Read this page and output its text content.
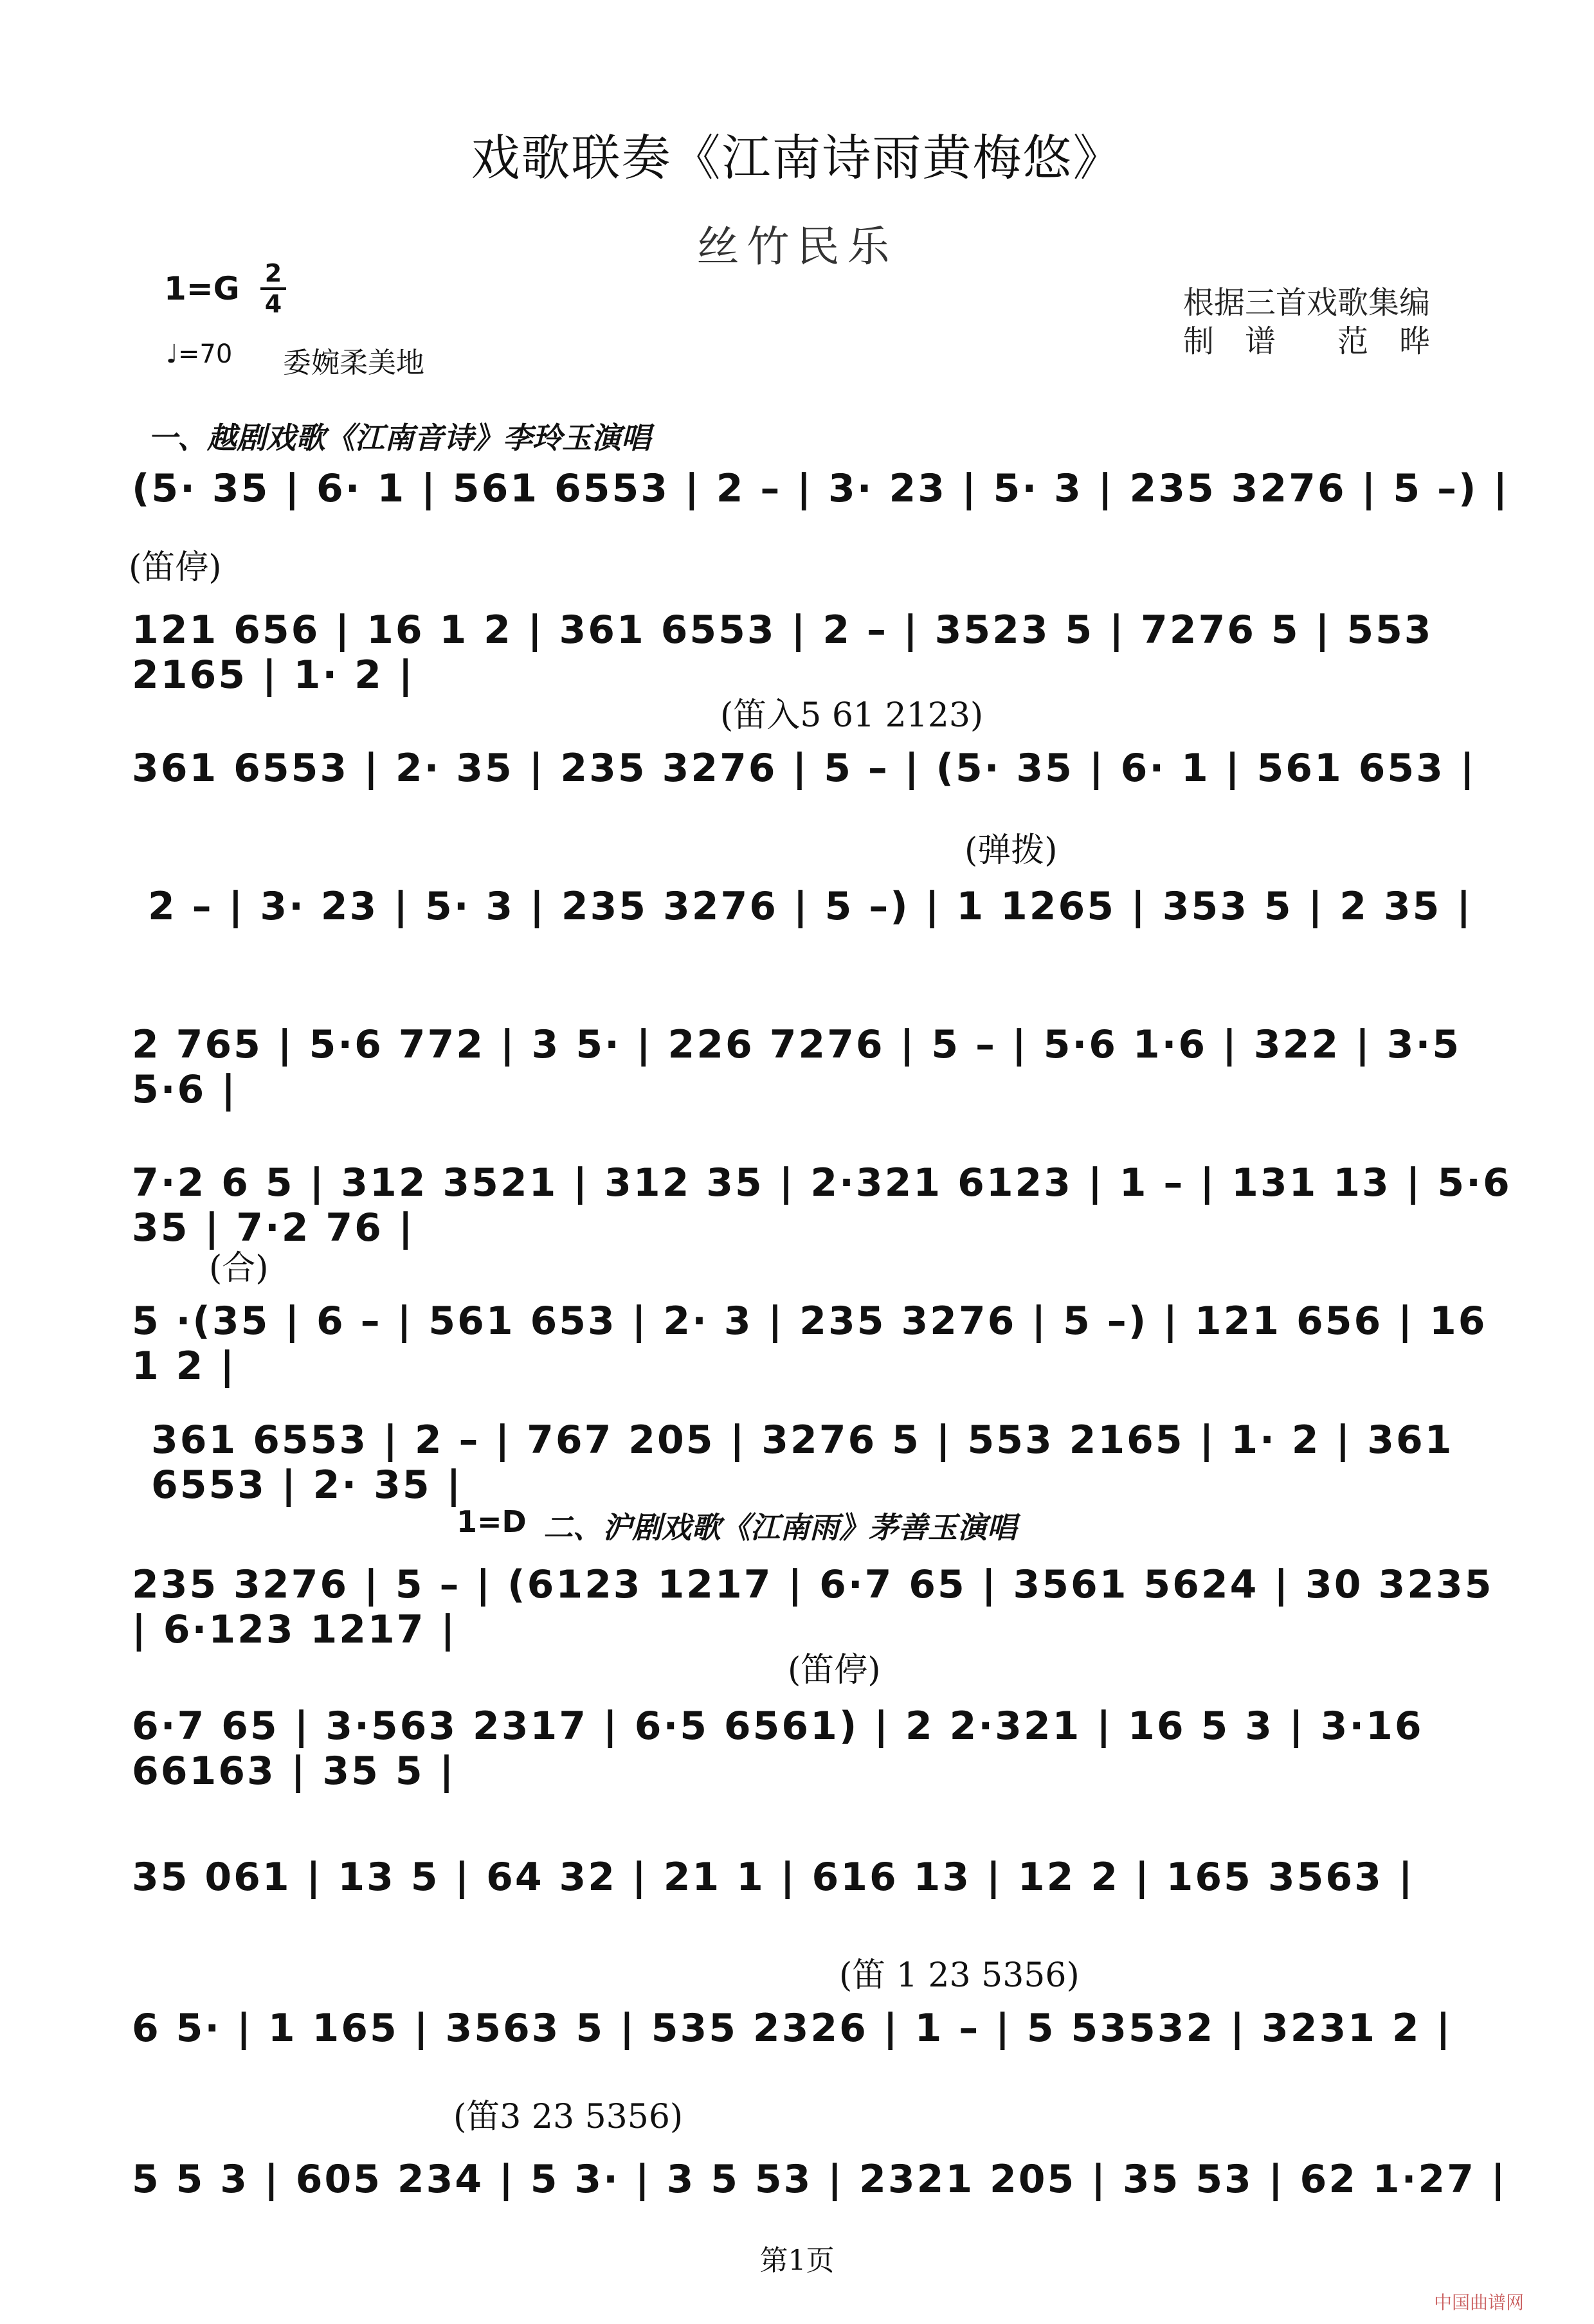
戏歌联奏《江南诗雨黄梅悠》
丝竹民乐
1=G 2
4
♩=70 委婉柔美地
根据三首戏歌集编
制　谱　　范　晔
一、越剧戏歌《江南音诗》李玲玉演唱
(5· 35 | 6· 1 | 561 6553 | 2 – | 3· 23 | 5· 3 | 235 3276 | 5 –) |
(笛停)
121 656 | 16 1 2 | 361 6553 | 2 – | 3523 5 | 7276 5 | 553 2165 | 1· 2 |
(笛入5 61 2123)
361 6553 | 2· 35 | 235 3276 | 5 – | (5· 35 | 6· 1 | 561 653 |
(弹拨)
2 – | 3· 23 | 5· 3 | 235 3276 | 5 –) | 1 1265 | 353 5 | 2 35 |
2 765 | 5·6 772 | 3 5· | 226 7276 | 5 – | 5·6 1·6 | 322 | 3·5 5·6 |
7·2 6 5 | 312 3521 | 312 35 | 2·321 6123 | 1 – | 131 13 | 5·6 35 | 7·2 76 |
(合)
5 ·(35 | 6 – | 561 653 | 2· 3 | 235 3276 | 5 –) | 121 656 | 16 1 2 |
361 6553 | 2 – | 767 205 | 3276 5 | 553 2165 | 1· 2 | 361 6553 | 2· 35 |
1=D 二、沪剧戏歌《江南雨》茅善玉演唱
235 3276 | 5 – | (6123 1217 | 6·7 65 | 3561 5624 | 30 3235 | 6·123 1217 |
(笛停)
6·7 65 | 3·563 2317 | 6·5 6561) | 2 2·321 | 16 5 3 | 3·16 66163 | 35 5 |
35 061 | 13 5 | 64 32 | 21 1 | 616 13 | 12 2 | 165 3563 |
(笛 1 23 5356)
6 5· | 1 165 | 3563 5 | 535 2326 | 1 – | 5 53532 | 3231 2 |
(笛3 23 5356)
5 5 3 | 605 234 | 5 3· | 3 5 53 | 2321 205 | 35 53 | 62 1·27 |
第1页
中国曲谱网
